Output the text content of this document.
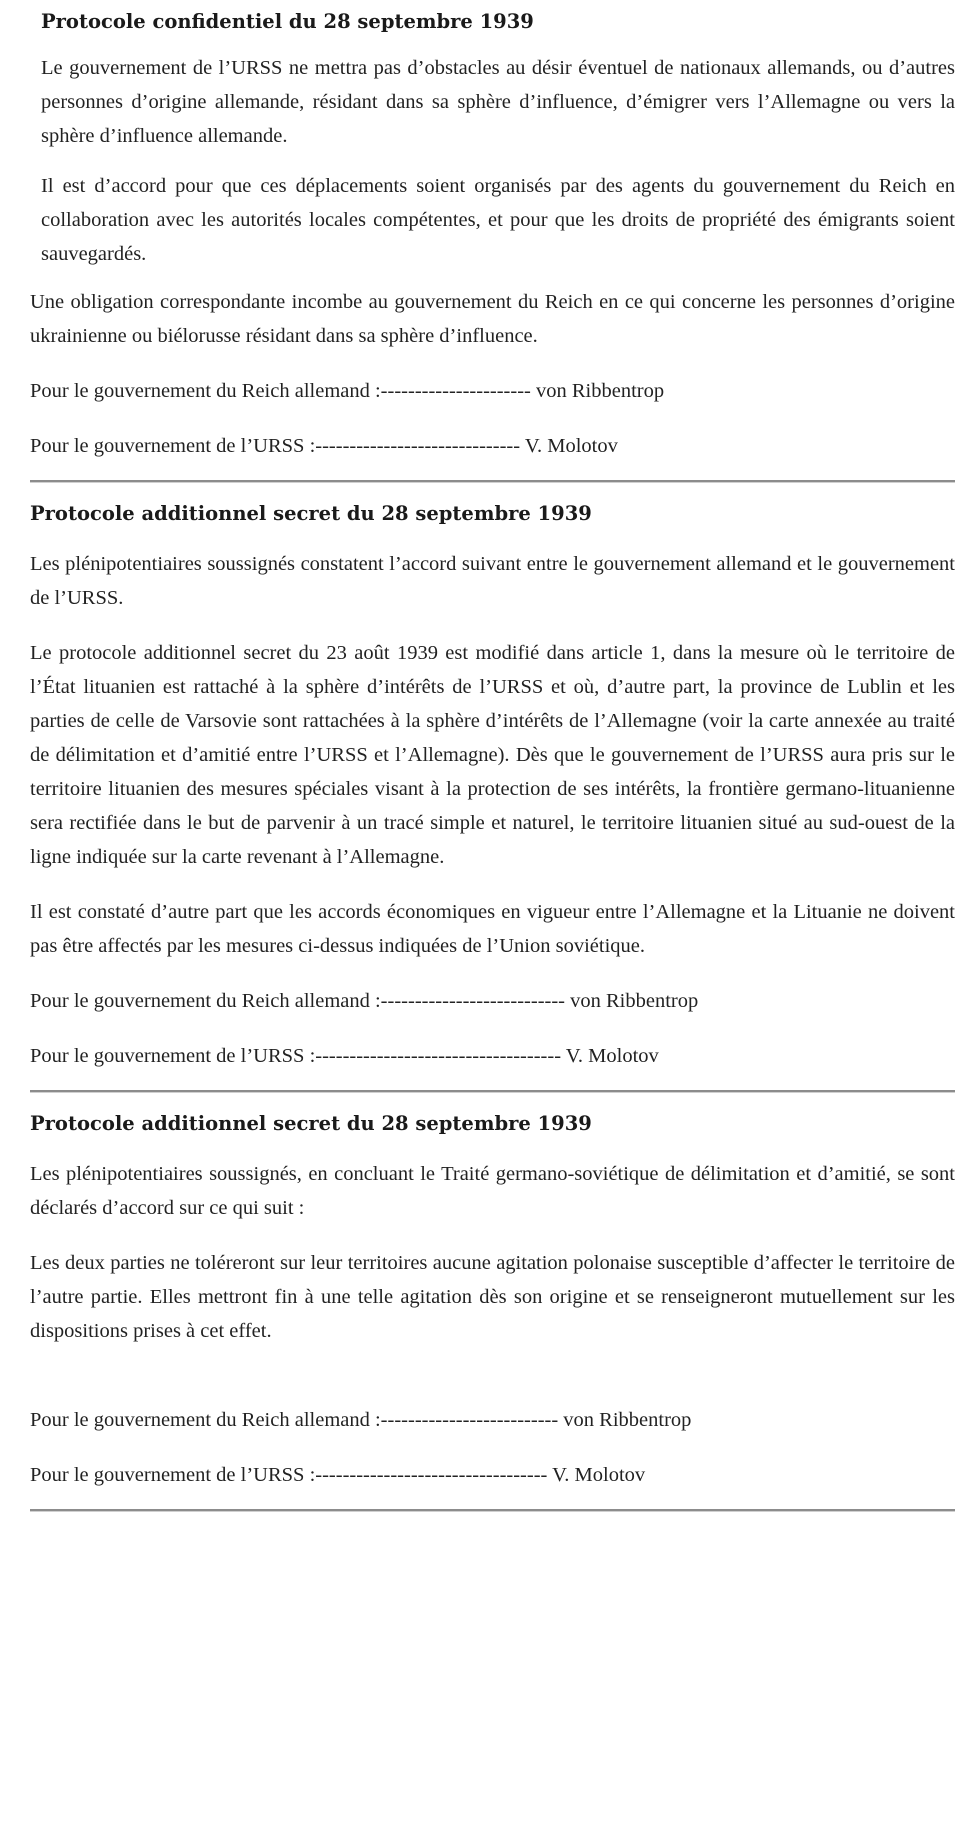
Protocole confidentiel du 28 septembre 1939

Le gouvernement de l’URSS ne mettra pas d’obstacles au désir éventuel de nationaux allemands, ou d’autres personnes d’origine allemande, résidant dans sa sphère d’influence, d’émigrer vers l’Allemagne ou vers la sphère d’influence allemande.

Il est d’accord pour que ces déplacements soient organisés par des agents du gouvernement du Reich en collaboration avec les autorités locales compétentes, et pour que les droits de propriété des émigrants soient sauvegardés.

Une obligation correspondante incombe au gouvernement du Reich en ce qui concerne les personnes d’origine ukrainienne ou biélorusse résidant dans sa sphère d’influence.

Pour le gouvernement du Reich allemand :---------------------- von Ribbentrop

Pour le gouvernement de l’URSS :------------------------------ V. Molotov

Protocole additionnel secret du 28 septembre 1939

Les plénipotentiaires soussignés constatent l’accord suivant entre le gouvernement allemand et le gouvernement de l’URSS.

Le protocole additionnel secret du 23 août 1939 est modifié dans article 1, dans la mesure où le territoire de l’État lituanien est rattaché à la sphère d’intérêts de l’URSS et où, d’autre part, la province de Lublin et les parties de celle de Varsovie sont rattachées à la sphère d’intérêts de l’Allemagne (voir la carte annexée au traité de délimitation et d’amitié entre l’URSS et l’Allemagne). Dès que le gouvernement de l’URSS aura pris sur le territoire lituanien des mesures spéciales visant à la protection de ses intérêts, la frontière germano-lituanienne sera rectifiée dans le but de parvenir à un tracé simple et naturel, le territoire lituanien situé au sud-ouest de la ligne indiquée sur la carte revenant à l’Allemagne.

Il est constaté d’autre part que les accords économiques en vigueur entre l’Allemagne et la Lituanie ne doivent pas être affectés par les mesures ci-dessus indiquées de l’Union soviétique.

Pour le gouvernement du Reich allemand :--------------------------- von Ribbentrop

Pour le gouvernement de l’URSS :------------------------------------ V. Molotov

Protocole additionnel secret du 28 septembre 1939

Les plénipotentiaires soussignés, en concluant le Traité germano-soviétique de délimitation et d’amitié, se sont déclarés d’accord sur ce qui suit :

Les deux parties ne toléreront sur leur territoires aucune agitation polonaise susceptible d’affecter le territoire de l’autre partie. Elles mettront fin à une telle agitation dès son origine et se renseigneront mutuellement sur les dispositions prises à cet effet.

Pour le gouvernement du Reich allemand :-------------------------- von Ribbentrop

Pour le gouvernement de l’URSS :---------------------------------- V. Molotov
